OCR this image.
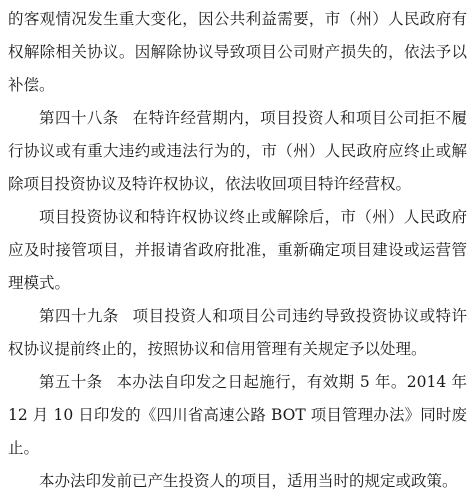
的客观情况发生重大变化，因公共利益需要，市（州）人民政府有权解除相关协议。因解除协议导致项目公司财产损失的，依法予以补偿。

第四十八条 在特许经营期内，项目投资人和项目公司拒不履行协议或有重大违约或违法行为的，市（州）人民政府应终止或解除项目投资协议及特许权协议，依法收回项目特许经营权。

项目投资协议和特许权协议终止或解除后，市（州）人民政府应及时接管项目，并报请省政府批准，重新确定项目建设或运营管理模式。

第四十九条 项目投资人和项目公司违约导致投资协议或特许权协议提前终止的，按照协议和信用管理有关规定予以处理。

第五十条 本办法自印发之日起施行，有效期 5 年。2014 年 12 月 10 日印发的《四川省高速公路 BOT 项目管理办法》同时废止。

本办法印发前已产生投资人的项目，适用当时的规定或政策。
